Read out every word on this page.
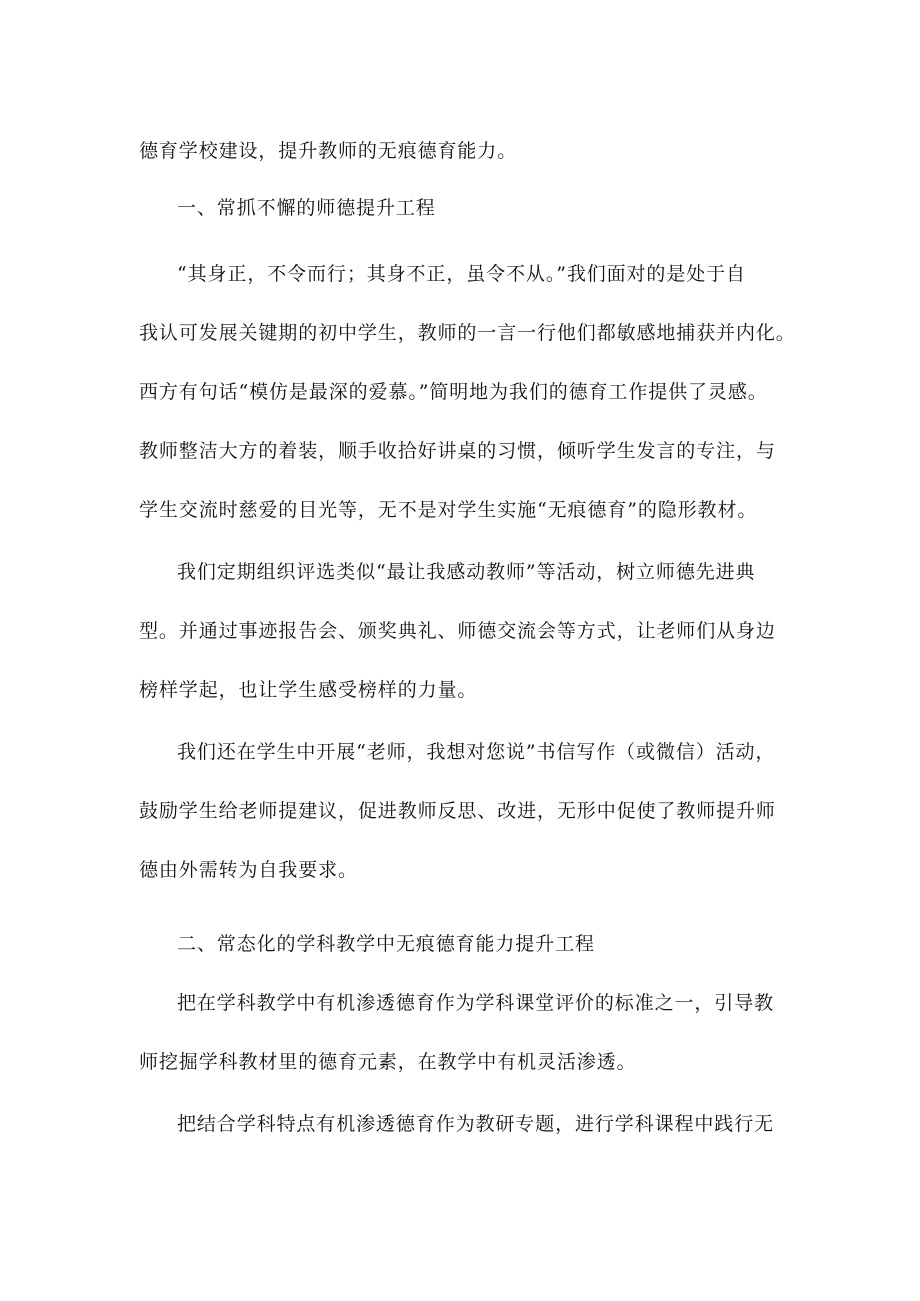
德育学校建设，提升教师的无痕德育能力。
一、常抓不懈的师德提升工程
“其身正，不令而行；其身不正，虽令不从。”我们面对的是处于自
我认可发展关键期的初中学生，教师的一言一行他们都敏感地捕获并内化。
西方有句话“模仿是最深的爱慕。”简明地为我们的德育工作提供了灵感。
教师整洁大方的着装，顺手收拾好讲桌的习惯，倾听学生发言的专注，与
学生交流时慈爱的目光等，无不是对学生实施“无痕德育”的隐形教材。
我们定期组织评选类似“最让我感动教师”等活动，树立师德先进典
型。并通过事迹报告会、颁奖典礼、师德交流会等方式，让老师们从身边
榜样学起，也让学生感受榜样的力量。
我们还在学生中开展“老师，我想对您说”书信写作（或微信）活动，
鼓励学生给老师提建议，促进教师反思、改进，无形中促使了教师提升师
德由外需转为自我要求。
二、常态化的学科教学中无痕德育能力提升工程
把在学科教学中有机渗透德育作为学科课堂评价的标准之一，引导教
师挖掘学科教材里的德育元素，在教学中有机灵活渗透。
把结合学科特点有机渗透德育作为教研专题，进行学科课程中践行无
